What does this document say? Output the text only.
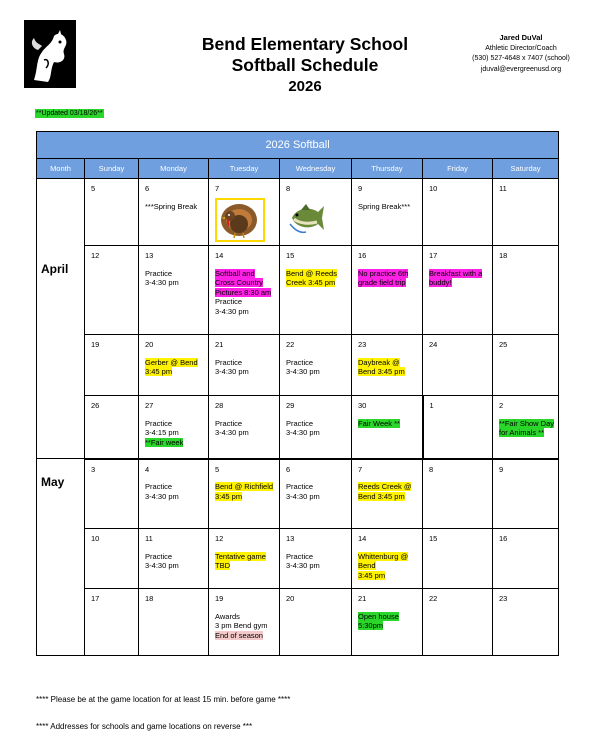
Bend Elementary School
Softball Schedule
2026
Jared DuVal
Athletic Director/Coach
(530) 527-4648 x 7407 (school)
jduval@evergreenusd.org
**Updated 03/18/26**
2026 Softball							
Month	Sunday	Monday	Tuesday	Wednesday	Thursday	Friday	Saturday

	5	6
***Spring Break	7	8	9
Spring Break***	10	11

April	12	13
Practice
3-4:30 pm	14
Softball and Cross Country Pictures 8:30 am
Practice
3-4:30 pm	15
Bend @ Reeds Creek 3:45 pm	16
No practice 6th grade field trip	17
Breakfast with a buddy!	18

	19	20
Gerber @ Bend 3:45 pm	21
Practice
3-4:30 pm	22
Practice
3-4:30 pm	23
Daybreak @ Bend 3:45 pm	24	25

	26	27
Practice
3-4:15 pm
**Fair week	28
Practice
3-4:30 pm	29
Practice
3-4:30 pm	30
Fair Week **	1	2
**Fair Show Day for Animals **

May	3	4
Practice
3-4:30 pm	5
Bend @ Richfield 3:45 pm	6
Practice
3-4:30 pm	7
Reeds Creek @ Bend 3:45 pm	8	9

	10	11
Practice
3-4:30 pm	12
Tentative game TBD	13
Practice
3-4:30 pm	14
Whittenburg @ Bend
3:45 pm	15	16

	17	18	19
Awards
3 pm Bend gym
End of season	20	21
Open house 5:30pm	22	23
**** Please be at the game location for at least 15 min. before game ****
**** Addresses for schools and game locations on reverse ***
